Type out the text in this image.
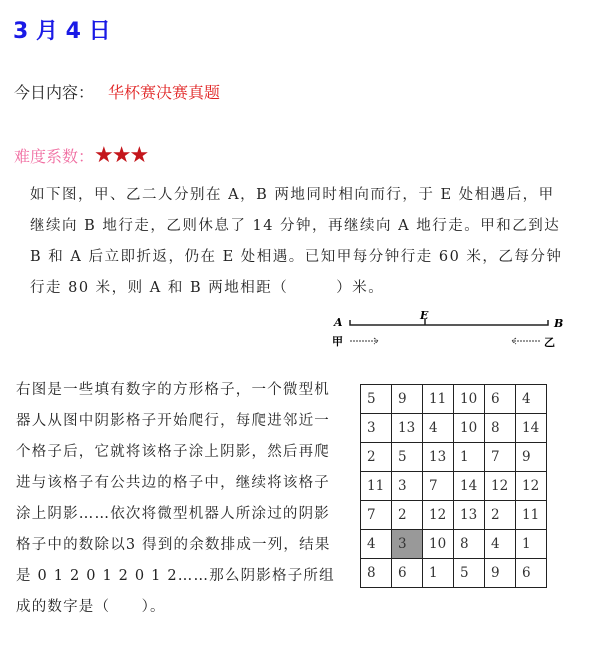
3 月 4 日
今日内容： 华杯赛决赛真题
难度系数：★★★
如下图，甲、乙二人分别在 A，B 两地同时相向而行，于 E 处相遇后，甲继续向 B 地行走，乙则休息了 14 分钟，再继续向 A 地行走。甲和乙到达 B 和 A 后立即折返，仍在 E 处相遇。已知甲每分钟行走 60 米，乙每分钟行走 80 米，则 A 和 B 两地相距（　　　）米。
A
E
B
甲	乙
右图是一些填有数字的方形格子，一个微型机器人从图中阴影格子开始爬行，每爬进邻近一个格子后，它就将该格子涂上阴影，然后再爬进与该格子有公共边的格子中，继续将该格子涂上阴影……依次将微型机器人所涂过的阴影格子中的数除以3 得到的余数排成一列，结果是 0 1 2 0 1 2 0 1 2……那么阴影格子所组成的数字是（　　）。
5	9	11	10	6	4
3	13	4	10	8	14
2	5	13	1	7	9
11	3	7	14	12	12
7	2	12	13	2	11
4	3	10	8	4	1
8	6	1	5	9	6
